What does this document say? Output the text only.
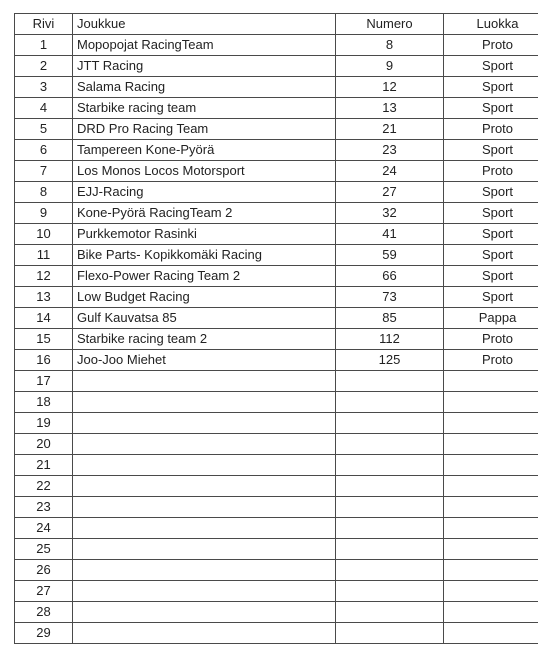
Rivi	Joukkue	Numero	Luokka
1	Mopopojat RacingTeam	8	Proto
2	JTT Racing	9	Sport
3	Salama Racing	12	Sport
4	Starbike racing team	13	Sport
5	DRD Pro Racing Team	21	Proto
6	Tampereen Kone-Pyörä	23	Sport
7	Los Monos Locos Motorsport	24	Proto
8	EJJ-Racing	27	Sport
9	Kone-Pyörä RacingTeam 2	32	Sport
10	Purkkemotor Rasinki	41	Sport
11	Bike Parts- Kopikkomäki Racing	59	Sport
12	Flexo-Power Racing Team 2	66	Sport
13	Low Budget Racing	73	Sport
14	Gulf Kauvatsa 85	85	Pappa
15	Starbike racing team 2	112	Proto
16	Joo-Joo Miehet	125	Proto
17			
18			
19			
20			
21			
22			
23			
24			
25			
26			
27			
28			
29			
